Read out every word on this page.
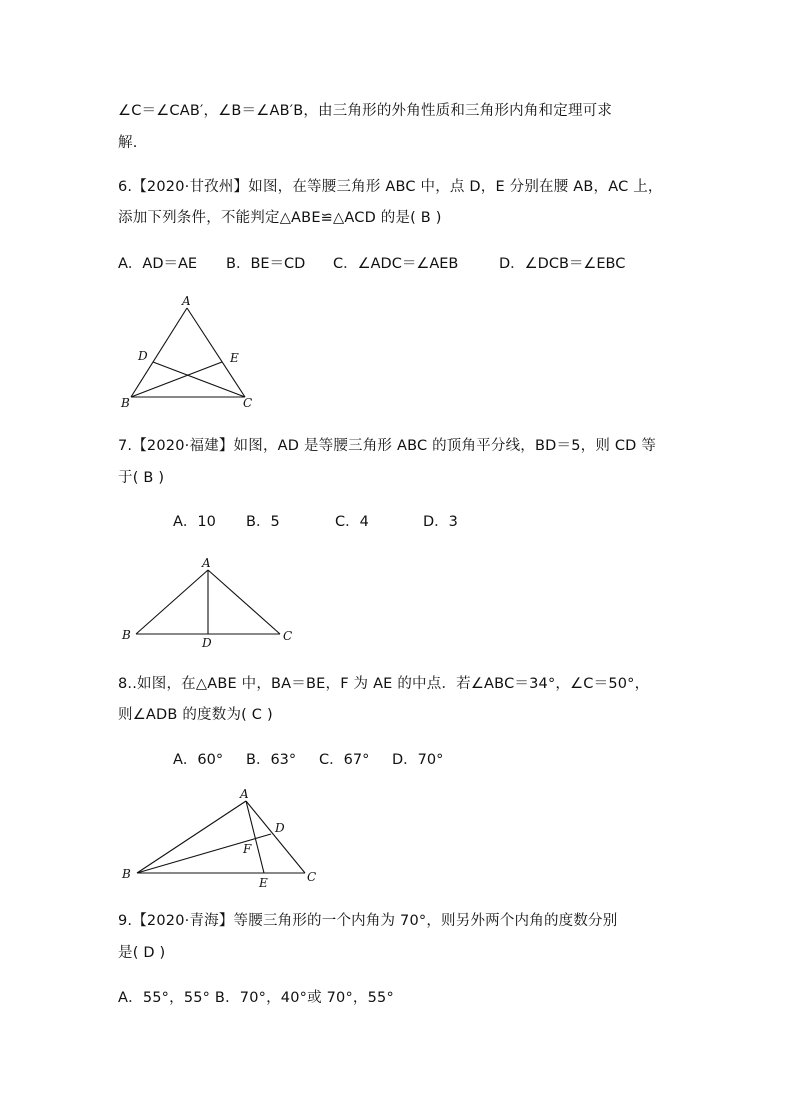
∠C＝∠CAB′，∠B＝∠AB′B，由三角形的外角性质和三角形内角和定理可求
解.
6.【2020·甘孜州】如图，在等腰三角形 ABC 中，点 D，E 分别在腰 AB，AC 上，
添加下列条件，不能判定△ABE≌△ACD 的是( B )
A．AD＝AE B．BE＝CD C．∠ADC＝∠AEB	D．∠DCB＝∠EBC
A
D	E
B	C
7.【2020·福建】如图，AD 是等腰三角形 ABC 的顶角平分线，BD＝5，则 CD 等
于( B )
A．10 B．5	C．4	D．3
A
B
D	C
8..如图，在△ABE 中，BA＝BE，F 为 AE 的中点．若∠ABC＝34°，∠C＝50°，
则∠ADB 的度数为( C )
A．60° B．63° C．67° D．70°
A
D
F
B
E	C
9.【2020·青海】等腰三角形的一个内角为 70°，则另外两个内角的度数分别
是( D )
A．55°，55° B．70°，40°或 70°，55°
